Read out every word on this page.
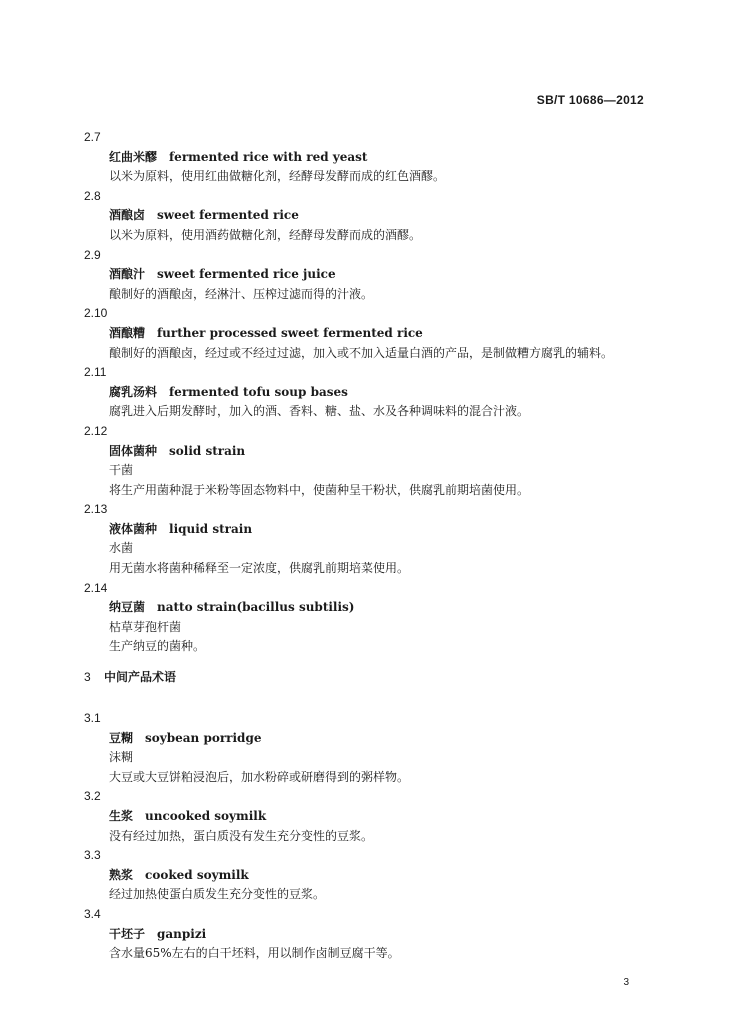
SB/T 10686—2012
2.7
红曲米醪 fermented rice with red yeast
以米为原料，使用红曲做糖化剂，经酵母发酵而成的红色酒醪。
2.8
酒酿卤 sweet fermented rice
以米为原料，使用酒药做糖化剂，经酵母发酵而成的酒醪。
2.9
酒酿汁 sweet fermented rice juice
酿制好的酒酿卤，经淋汁、压榨过滤而得的汁液。
2.10
酒酿糟 further processed sweet fermented rice
酿制好的酒酿卤，经过或不经过过滤，加入或不加入适量白酒的产品，是制做糟方腐乳的辅料。
2.11
腐乳汤料 fermented tofu soup bases
腐乳进入后期发酵时，加入的酒、香料、糖、盐、水及各种调味料的混合汁液。
2.12
固体菌种 solid strain
干菌
将生产用菌种混于米粉等固态物料中，使菌种呈干粉状，供腐乳前期培菌使用。
2.13
液体菌种 liquid strain
水菌
用无菌水将菌种稀释至一定浓度，供腐乳前期培菜使用。
2.14
纳豆菌 natto strain(bacillus subtilis)
枯草芽孢杆菌
生产纳豆的菌种。
3 中间产品术语
3.1
豆糊 soybean porridge
沫糊
大豆或大豆饼粕浸泡后，加水粉碎或研磨得到的粥样物。
3.2
生浆 uncooked soymilk
没有经过加热，蛋白质没有发生充分变性的豆浆。
3.3
熟浆 cooked soymilk
经过加热使蛋白质发生充分变性的豆浆。
3.4
干坯子 ganpizi
含水量65%左右的白干坯料，用以制作卤制豆腐干等。
3
